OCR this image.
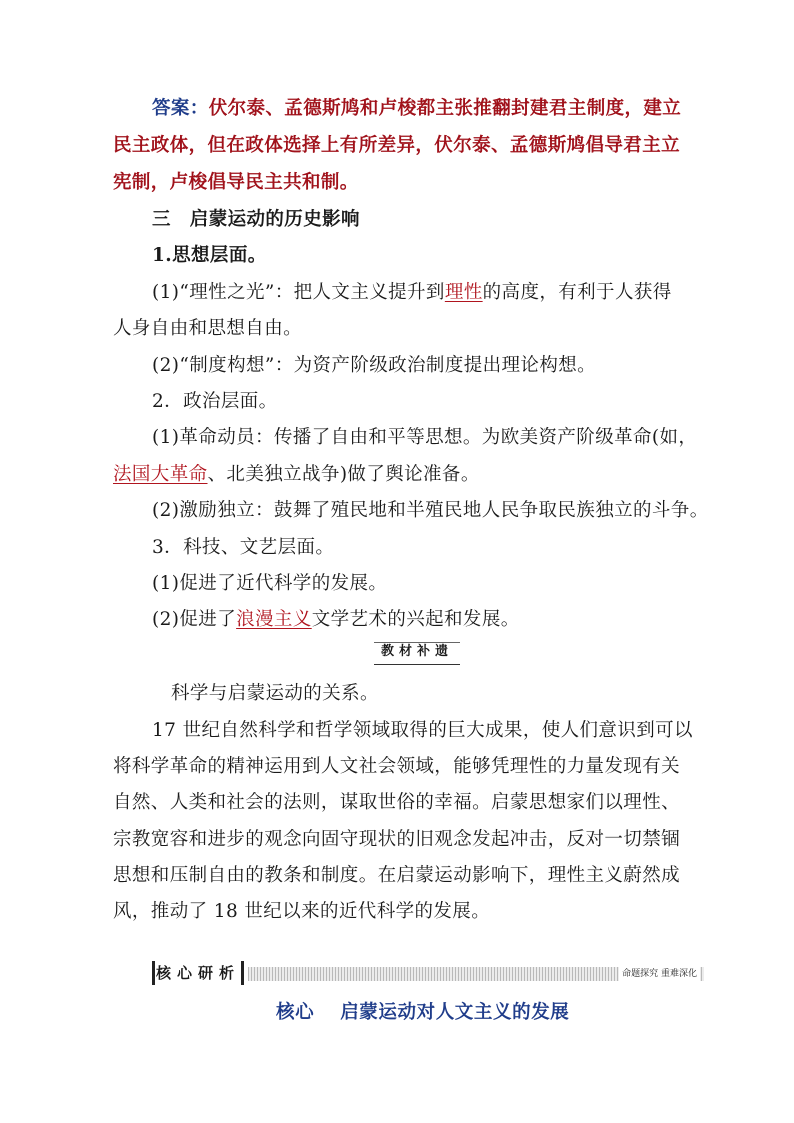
答案：伏尔泰、孟德斯鸠和卢梭都主张推翻封建君主制度，建立
民主政体，但在政体选择上有所差异，伏尔泰、孟德斯鸠倡导君主立
宪制，卢梭倡导民主共和制。
三　启蒙运动的历史影响
1.思想层面。
(1)“理性之光”：把人文主义提升到理性的高度，有利于人获得
人身自由和思想自由。
(2)“制度构想”：为资产阶级政治制度提出理论构想。
2．政治层面。
(1)革命动员：传播了自由和平等思想。为欧美资产阶级革命(如，
法国大革命、北美独立战争)做了舆论准备。
(2)激励独立：鼓舞了殖民地和半殖民地人民争取民族独立的斗争。
3．科技、文艺层面。
(1)促进了近代科学的发展。
(2)促进了浪漫主义文学艺术的兴起和发展。
教材补遗
科学与启蒙运动的关系。
17 世纪自然科学和哲学领域取得的巨大成果，使人们意识到可以
将科学革命的精神运用到人文社会领域，能够凭理性的力量发现有关
自然、人类和社会的法则，谋取世俗的幸福。启蒙思想家们以理性、
宗教宽容和进步的观念向固守现状的旧观念发起冲击，反对一切禁锢
思想和压制自由的教条和制度。在启蒙运动影响下，理性主义蔚然成
风，推动了 18 世纪以来的近代科学的发展。
核心研析	命题探究 重难深化
核心 启蒙运动对人文主义的发展
